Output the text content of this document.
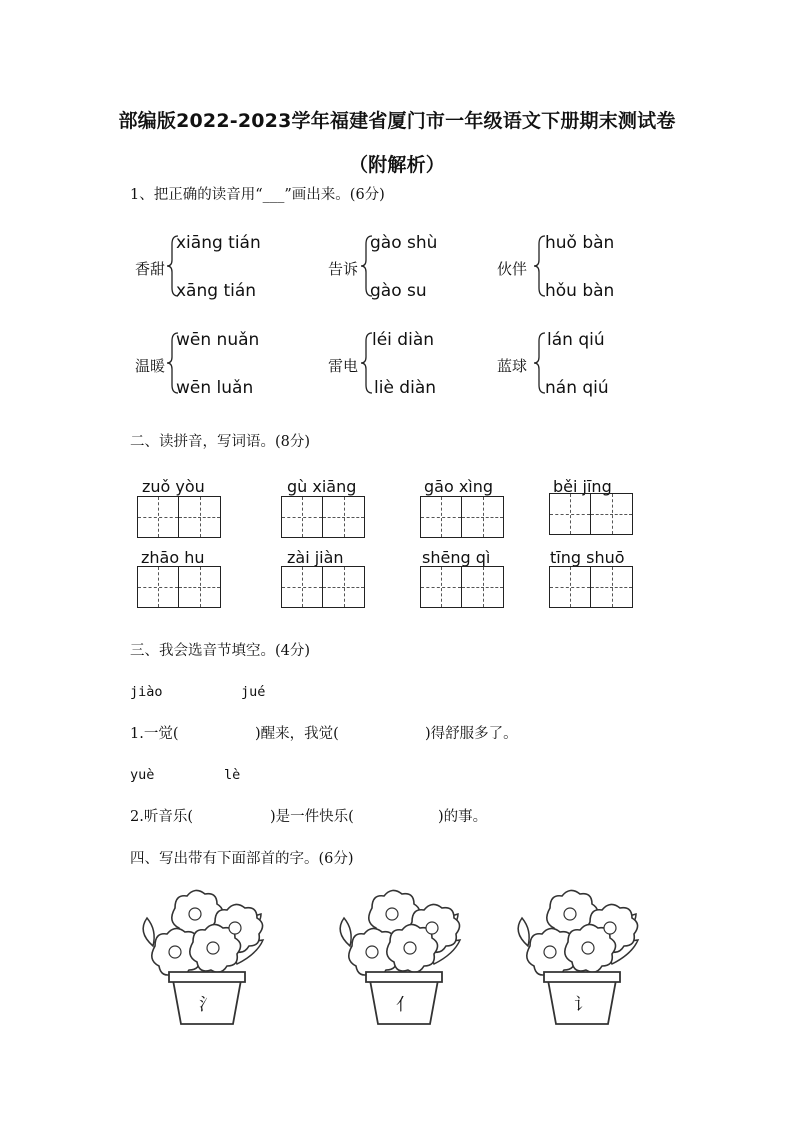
部编版2022-2023学年福建省厦门市一年级语文下册期末测试卷
（附解析）
1、把正确的读音用“___”画出来。(6分)
香甜
xiāng tián
xāng tián
告诉
gào shù
gào su
伙伴
huǒ bàn
hǒu bàn
温暖
wēn nuǎn
wēn luǎn
雷电
léi diàn
liè diàn
蓝球
lán qiú
nán qiú
二、读拼音，写词语。(8分)
zuǒ yòu	gù xiāng	gāo xìng	běi jīng
zhāo hu	zài jiàn	shēng qì	tīng shuō
三、我会选音节填空。(4分)
jiào	jué
1.一觉(	)醒来，我觉(	)得舒服多了。
yuè	lè
2.听音乐(	)是一件快乐(	)的事。
四、写出带有下面部首的字。(6分)
氵	亻	讠
